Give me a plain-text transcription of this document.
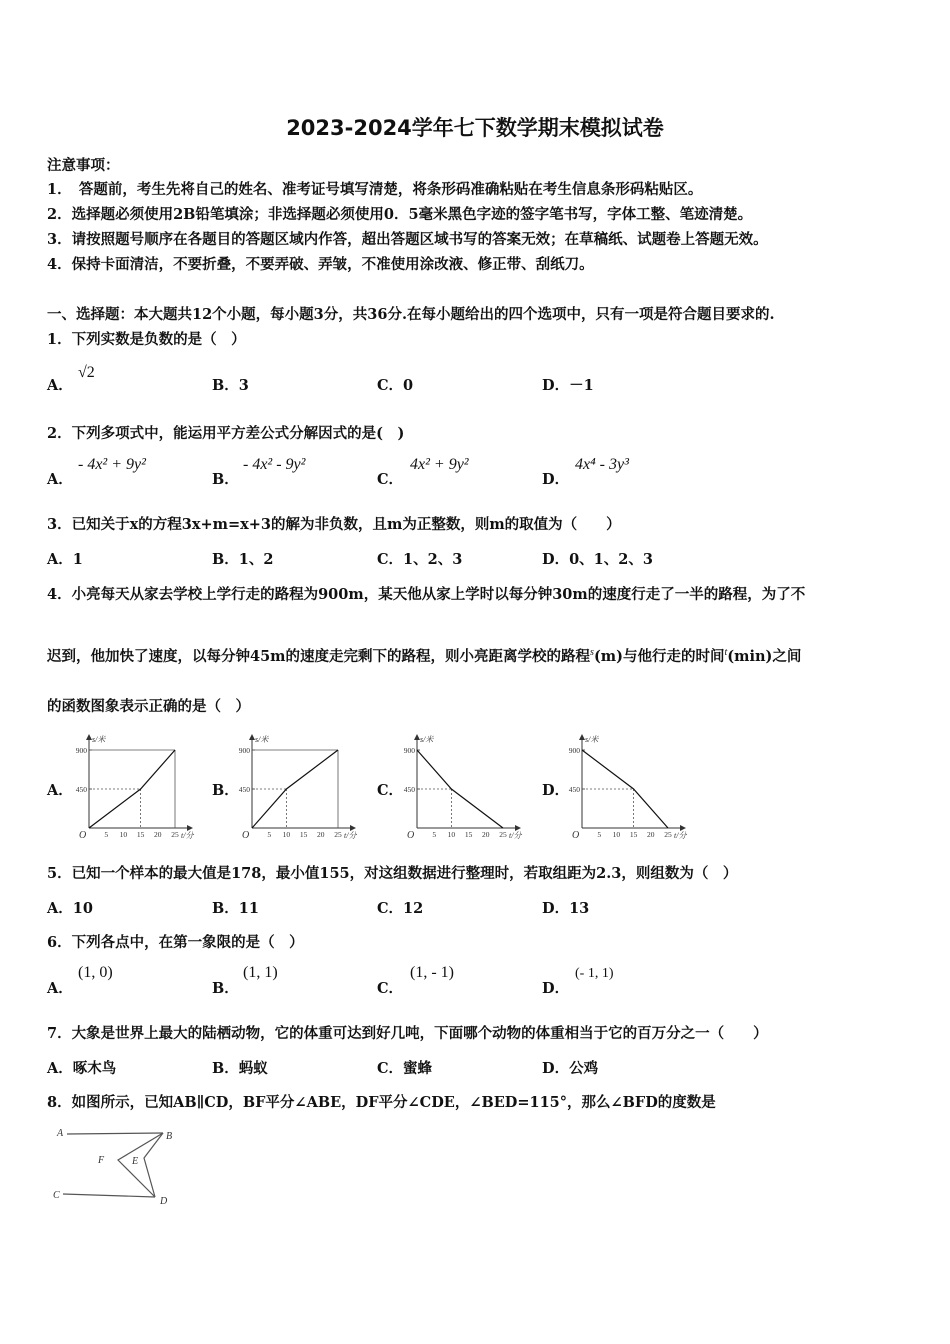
2023-2024学年七下数学期末模拟试卷
注意事项：
1．　答题前，考生先将自己的姓名、准考证号填写清楚，将条形码准确粘贴在考生信息条形码粘贴区。
2．选择题必须使用2B铅笔填涂；非选择题必须使用0．5毫米黑色字迹的签字笔书写，字体工整、笔迹清楚。
3．请按照题号顺序在各题目的答题区域内作答，超出答题区域书写的答案无效；在草稿纸、试题卷上答题无效。
4．保持卡面清洁，不要折叠，不要弄破、弄皱，不准使用涂改液、修正带、刮纸刀。
一、选择题：本大题共12个小题，每小题3分，共36分.在每小题给出的四个选项中，只有一项是符合题目要求的.
1．下列实数是负数的是（　）
A．
√2
B．3	C．0	D．－1
2．下列多项式中，能运用平方差公式分解因式的是(　)
A．
- 4x² + 9y²
B．
- 4x² - 9y²
C．
4x² + 9y²
D．
4x⁴ - 3y³
3．已知关于x的方程3x+m=x+3的解为非负数，且m为正整数，则m的取值为（　　）
A．1	B．1、2	C．1、2、3	D．0、1、2、3
4．小亮每天从家去学校上学行走的路程为900m，某天他从家上学时以每分钟30m的速度行走了一半的路程，为了不
迟到，他加快了速度，以每分钟45m的速度走完剩下的路程，则小亮距离学校的路程$^s$(m)与他行走的时间$^t$(min)之间
的函数图象表示正确的是（　）
A．	B．	C．	D．
s/米
t/分
O
900
450
5 10 15 20 25
s/米
t/分
O
900
450
5 10 15 20 25
s/米
t/分
O
900
450
5 10 15 20 25
s/米
t/分
O
900
450
5 10 15 20 25
5．已知一个样本的最大值是178，最小值155，对这组数据进行整理时，若取组距为2.3，则组数为（　）
A．10	B．11	C．12	D．13
6．下列各点中，在第一象限的是（　）
A．
(1, 0)
B．
(1, 1)
C．
(1, - 1)
D．
(- 1, 1)
7．大象是世界上最大的陆栖动物，它的体重可达到好几吨，下面哪个动物的体重相当于它的百万分之一（　　）
A．啄木鸟	B．蚂蚁	C．蜜蜂	D．公鸡
8．如图所示，已知AB∥CD，BF平分∠ABE，DF平分∠CDE，∠BED=115°，那么∠BFD的度数是
A	B
C
D
E
F
